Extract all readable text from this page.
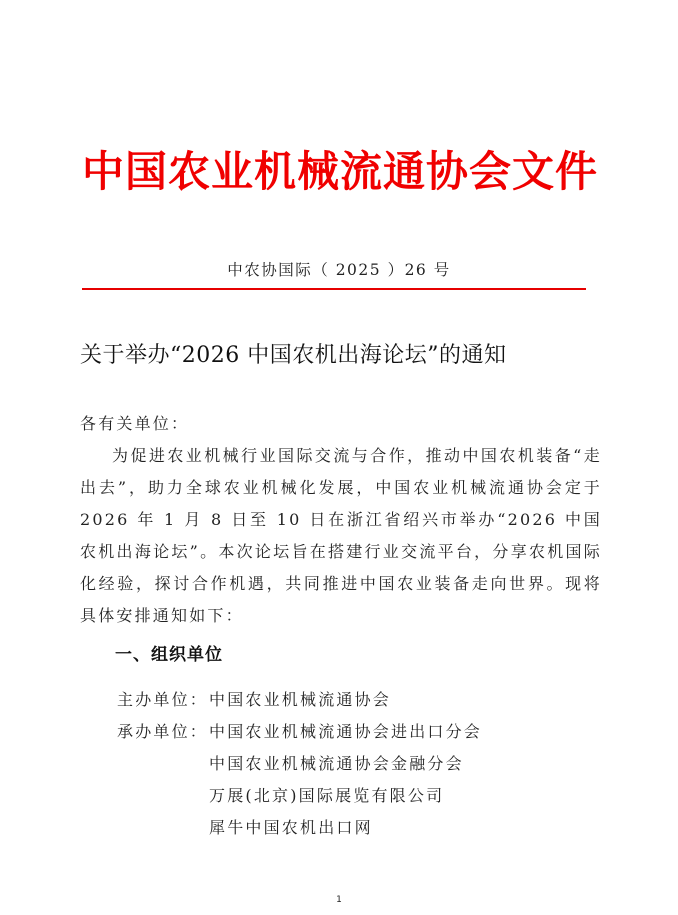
中国农业机械流通协会文件
中农协国际（ 2025 ）26 号
关于举办“2026 中国农机出海论坛”的通知

各有关单位：

为促进农业机械行业国际交流与合作，推动中国农机装备“走出去”，助力全球农业机械化发展，中国农业机械流通协会定于 2026 年 1 月 8 日至 10 日在浙江省绍兴市举办“2026 中国农机出海论坛”。本次论坛旨在搭建行业交流平台，分享农机国际化经验，探讨合作机遇，共同推进中国农业装备走向世界。现将具体安排通知如下：

一、组织单位
主办单位： 中国农业机械流通协会
承办单位： 中国农业机械流通协会进出口分会
中国农业机械流通协会金融分会
万展(北京)国际展览有限公司
犀牛中国农机出口网
1
